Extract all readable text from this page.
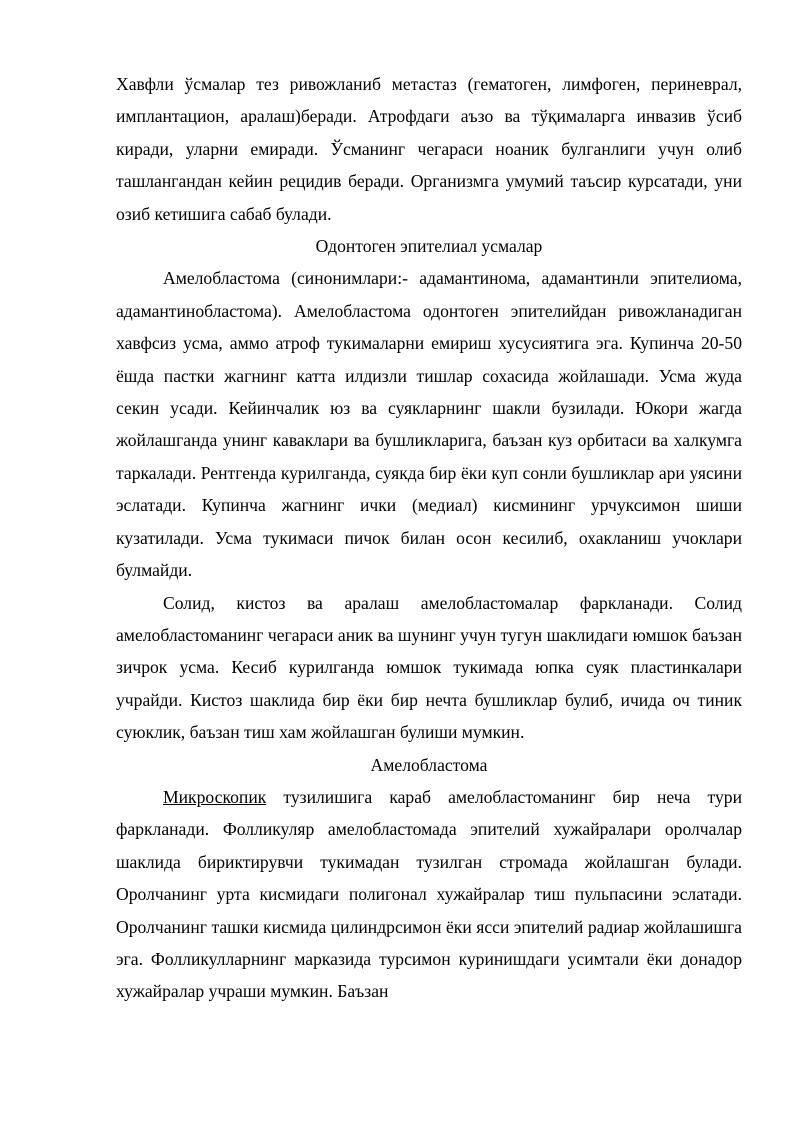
Хавфли ўсмалар тез ривожланиб метастаз (гематоген, лимфоген, периневрал, имплантацион, аралаш)беради. Атрофдаги аъзо ва тўқималарга инвазив ўсиб киради, уларни емиради. Ўсманинг чегараси ноаник булганлиги учун олиб ташлангандан кейин рецидив беради. Организмга умумий таъсир курсатади, уни озиб кетишига сабаб булади.

Одонтоген эпителиал усмалар

Амелобластома (синонимлари:- адамантинома, адамантинли эпителиома, адамантинобластома). Амелобластома одонтоген эпителийдан ривожланадиган хавфсиз усма, аммо атроф тукималарни емириш хусусиятига эга. Купинча 20-50 ёшда пастки жагнинг катта илдизли тишлар сохасида жойлашади. Усма жуда секин усади. Кейинчалик юз ва суякларнинг шакли бузилади. Юкори жагда жойлашганда унинг каваклари ва бушликларига, баъзан куз орбитаси ва халкумга таркалади. Рентгенда курилганда, суякда бир ёки куп сонли бушликлар ари уясини эслатади. Купинча жагнинг ички (медиал) кисмининг урчуксимон шиши кузатилади. Усма тукимаси пичок билан осон кесилиб, охакланиш учоклари булмайди.

Солид, кистоз ва аралаш амелобластомалар фаркланади. Солид амелобластоманинг чегараси аник ва шунинг учун тугун шаклидаги юмшок баъзан зичрок усма. Кесиб курилганда юмшок тукимада юпка суяк пластинкалари учрайди. Кистоз шаклида бир ёки бир нечта бушликлар булиб, ичида оч тиник суюклик, баъзан тиш хам жойлашган булиши мумкин.

Амелобластома

Микроскопик тузилишига караб амелобластоманинг бир неча тури фаркланади. Фолликуляр амелобластомада эпителий хужайралари оролчалар шаклида бириктирувчи тукимадан тузилган стромада жойлашган булади. Оролчанинг урта кисмидаги полигонал хужайралар тиш пульпасини эслатади. Оролчанинг ташки кисмида цилиндрсимон ёки ясси эпителий радиар жойлашишга эга. Фолликулларнинг марказида турсимон куринишдаги усимтали ёки донадор хужайралар учраши мумкин. Баъзан
